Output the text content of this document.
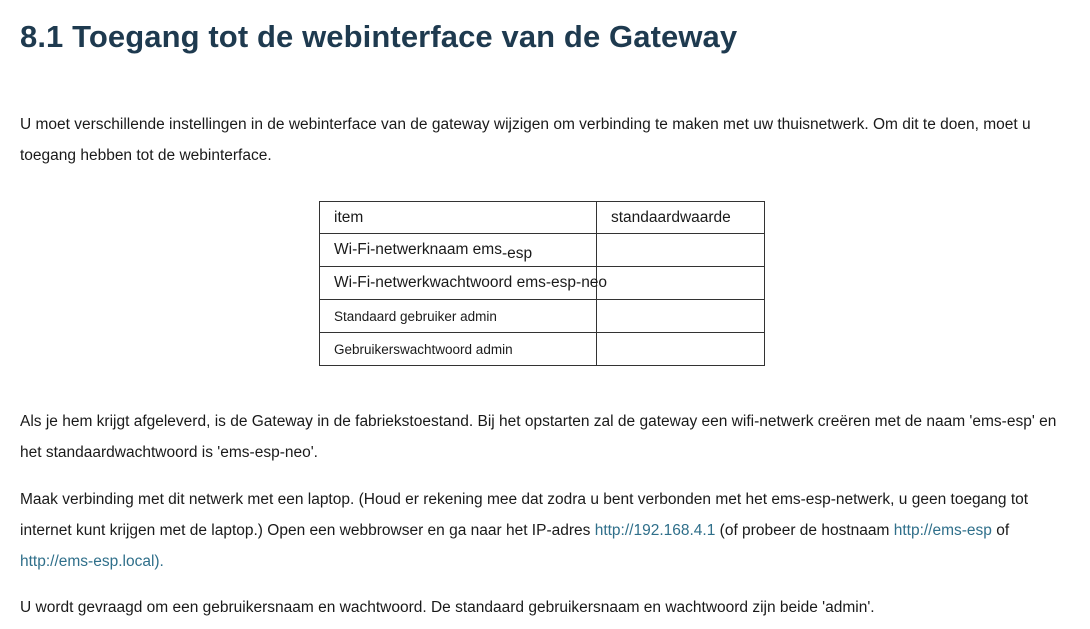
8.1 Toegang tot de webinterface van de Gateway

U moet verschillende instellingen in de webinterface van de gateway wijzigen om verbinding te maken met uw thuisnetwerk. Om dit te doen, moet u toegang hebben tot de webinterface.

item	standaardwaarde
Wi-Fi-netwerknaam ems-esp	
Wi-Fi-netwerkwachtwoord ems-esp-neo	
Standaard gebruiker admin	
Gebruikerswachtwoord admin	

Als je hem krijgt afgeleverd, is de Gateway in de fabriekstoestand. Bij het opstarten zal de gateway een wifi-netwerk creëren met de naam 'ems-esp' en het standaardwachtwoord is 'ems-esp-neo'.

Maak verbinding met dit netwerk met een laptop. (Houd er rekening mee dat zodra u bent verbonden met het ems-esp-netwerk, u geen toegang tot internet kunt krijgen met de laptop.) Open een webbrowser en ga naar het IP-adres http://192.168.4.1 (of probeer de hostnaam http://ems-esp of http://ems-esp.local).

U wordt gevraagd om een gebruikersnaam en wachtwoord. De standaard gebruikersnaam en wachtwoord zijn beide 'admin'.
